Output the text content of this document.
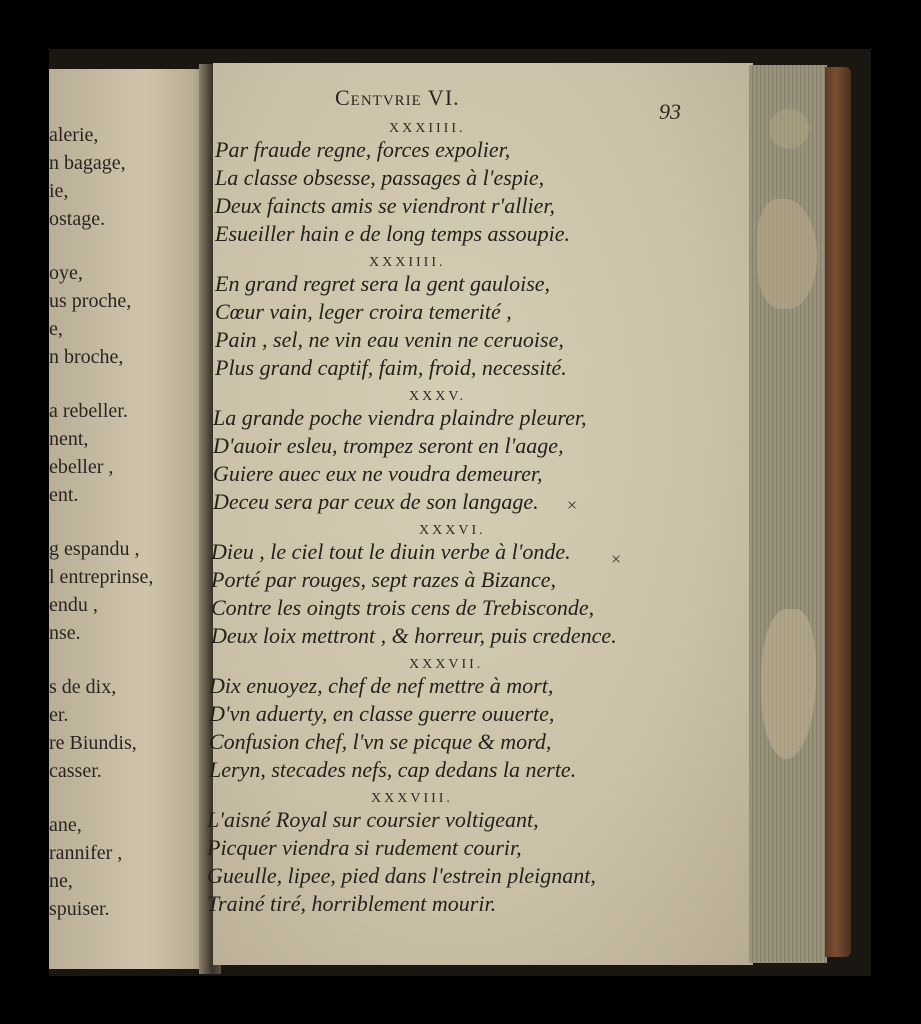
alerie,
n bagage,
ie,
ostage.
oye,
us proche,
e,
n broche,
a rebeller.
nent,
ebeller ,
ent.
g espandu ,
l entreprinse,
endu ,
nse.
s de dix,
er.
re Biundis,
casser.
ane,
rannifer ,
ne,
spuiser.
Centvrie VI.
93
XXXIIII.
Par fraude regne, forces expolier,
La classe obsesse, passages à l'espie,
Deux faincts amis se viendront r'allier,
Esueiller hain e de long temps assoupie.
XXXIIII.
En grand regret sera la gent gauloise,
Cœur vain, leger croira temerité ,
Pain , sel, ne vin eau venin ne ceruoise,
Plus grand captif, faim, froid, necessité.
XXXV.
La grande poche viendra plaindre pleurer,
D'auoir esleu, trompez seront en l'aage,
Guiere auec eux ne voudra demeurer,
Deceu sera par ceux de son langage. ×
XXXVI.
Dieu , le ciel tout le diuin verbe à l'onde. ×
Porté par rouges, sept razes à Bizance,
Contre les oingts trois cens de Trebisconde,
Deux loix mettront , & horreur, puis credence.
XXXVII.
Dix enuoyez, chef de nef mettre à mort,
D'vn aduerty, en classe guerre ouuerte,
Confusion chef, l'vn se picque & mord,
Leryn, stecades nefs, cap dedans la nerte.
XXXVIII.
L'aisné Royal sur coursier voltigeant,
Picquer viendra si rudement courir,
Gueulle, lipee, pied dans l'estrein pleignant,
Trainé tiré, horriblement mourir.
